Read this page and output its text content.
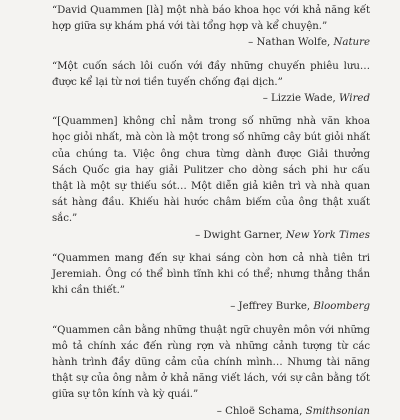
“David Quammen [là] một nhà báo khoa học với khả năng kết hợp giữa sự khám phá với tài tổng hợp và kể chuyện.”

– Nathan Wolfe, Nature

“Một cuốn sách lôi cuốn với đầy những chuyến phiêu lưu… được kể lại từ nơi tiền tuyến chống đại dịch.”

– Lizzie Wade, Wired

“[Quammen] không chỉ nằm trong số những nhà văn khoa học giỏi nhất, mà còn là một trong số những cây bút giỏi nhất của chúng ta. Việc ông chưa từng dành được Giải thưởng Sách Quốc gia hay giải Pulitzer cho dòng sách phi hư cấu thật là một sự thiếu sót… Một diễn giả kiên trì và nhà quan sát hàng đầu. Khiếu hài hước châm biếm của ông thật xuất sắc.”

– Dwight Garner, New York Times

“Quammen mang đến sự khai sáng còn hơn cả nhà tiên tri Jeremiah. Ông có thể bình tĩnh khi có thể; nhưng thẳng thắn khi cần thiết.”

– Jeffrey Burke, Bloomberg

“Quammen cân bằng những thuật ngữ chuyên môn với những mô tả chính xác đến rùng rợn và những cảnh tượng từ các hành trình đầy dũng cảm của chính mình… Nhưng tài năng thật sự của ông nằm ở khả năng viết lách, với sự cân bằng tốt giữa sự tôn kính và kỳ quái.”

– Chloë Schama, Smithsonian
